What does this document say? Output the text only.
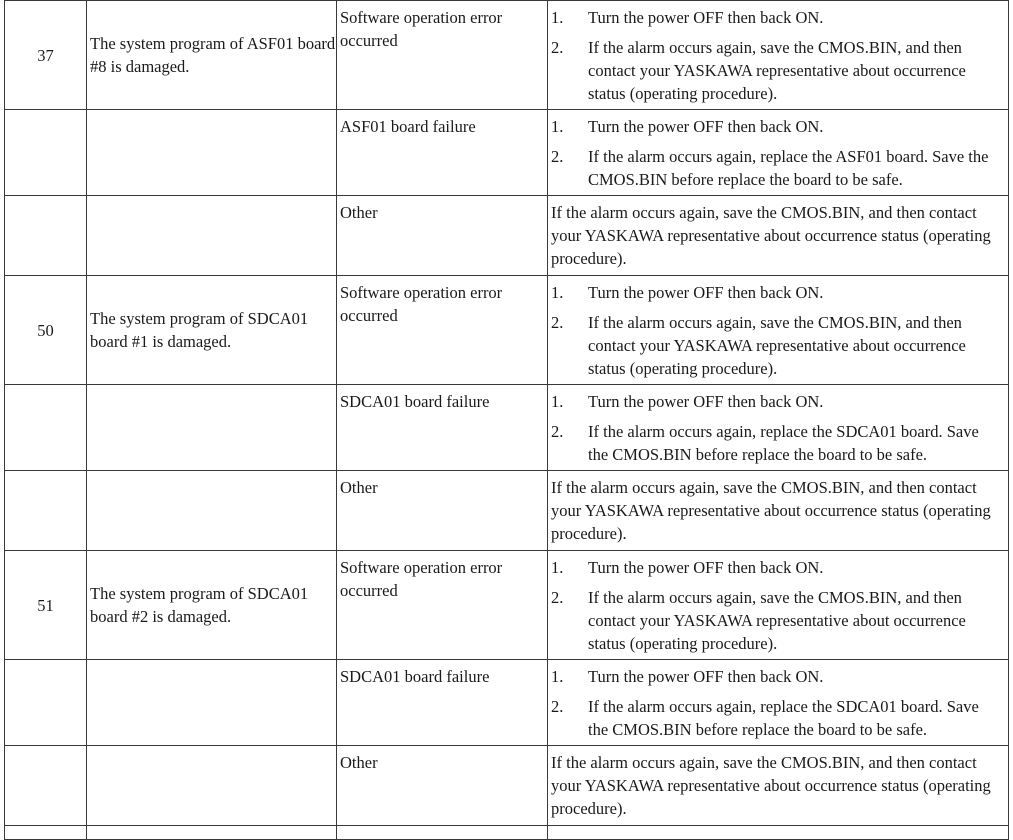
37	The system program of ASF01 board #8 is damaged.	Software operation error occurred	1. Turn the power OFF then back ON.
2. If the alarm occurs again, save the CMOS.BIN, and then contact your YASKAWA representative about occurrence status (operating procedure).

		ASF01 board failure	1. Turn the power OFF then back ON.
2. If the alarm occurs again, replace the ASF01 board. Save the CMOS.BIN before replace the board to be safe.

		Other	If the alarm occurs again, save the CMOS.BIN, and then contact your YASKAWA representative about occurrence status (operating procedure).

50	The system program of SDCA01 board #1 is damaged.	Software operation error occurred	1. Turn the power OFF then back ON.
2. If the alarm occurs again, save the CMOS.BIN, and then contact your YASKAWA representative about occurrence status (operating procedure).

		SDCA01 board failure	1. Turn the power OFF then back ON.
2. If the alarm occurs again, replace the SDCA01 board. Save the CMOS.BIN before replace the board to be safe.

		Other	If the alarm occurs again, save the CMOS.BIN, and then contact your YASKAWA representative about occurrence status (operating procedure).

51	The system program of SDCA01 board #2 is damaged.	Software operation error occurred	1. Turn the power OFF then back ON.
2. If the alarm occurs again, save the CMOS.BIN, and then contact your YASKAWA representative about occurrence status (operating procedure).

		SDCA01 board failure	1. Turn the power OFF then back ON.
2. If the alarm occurs again, replace the SDCA01 board. Save the CMOS.BIN before replace the board to be safe.

		Other	If the alarm occurs again, save the CMOS.BIN, and then contact your YASKAWA representative about occurrence status (operating procedure).
